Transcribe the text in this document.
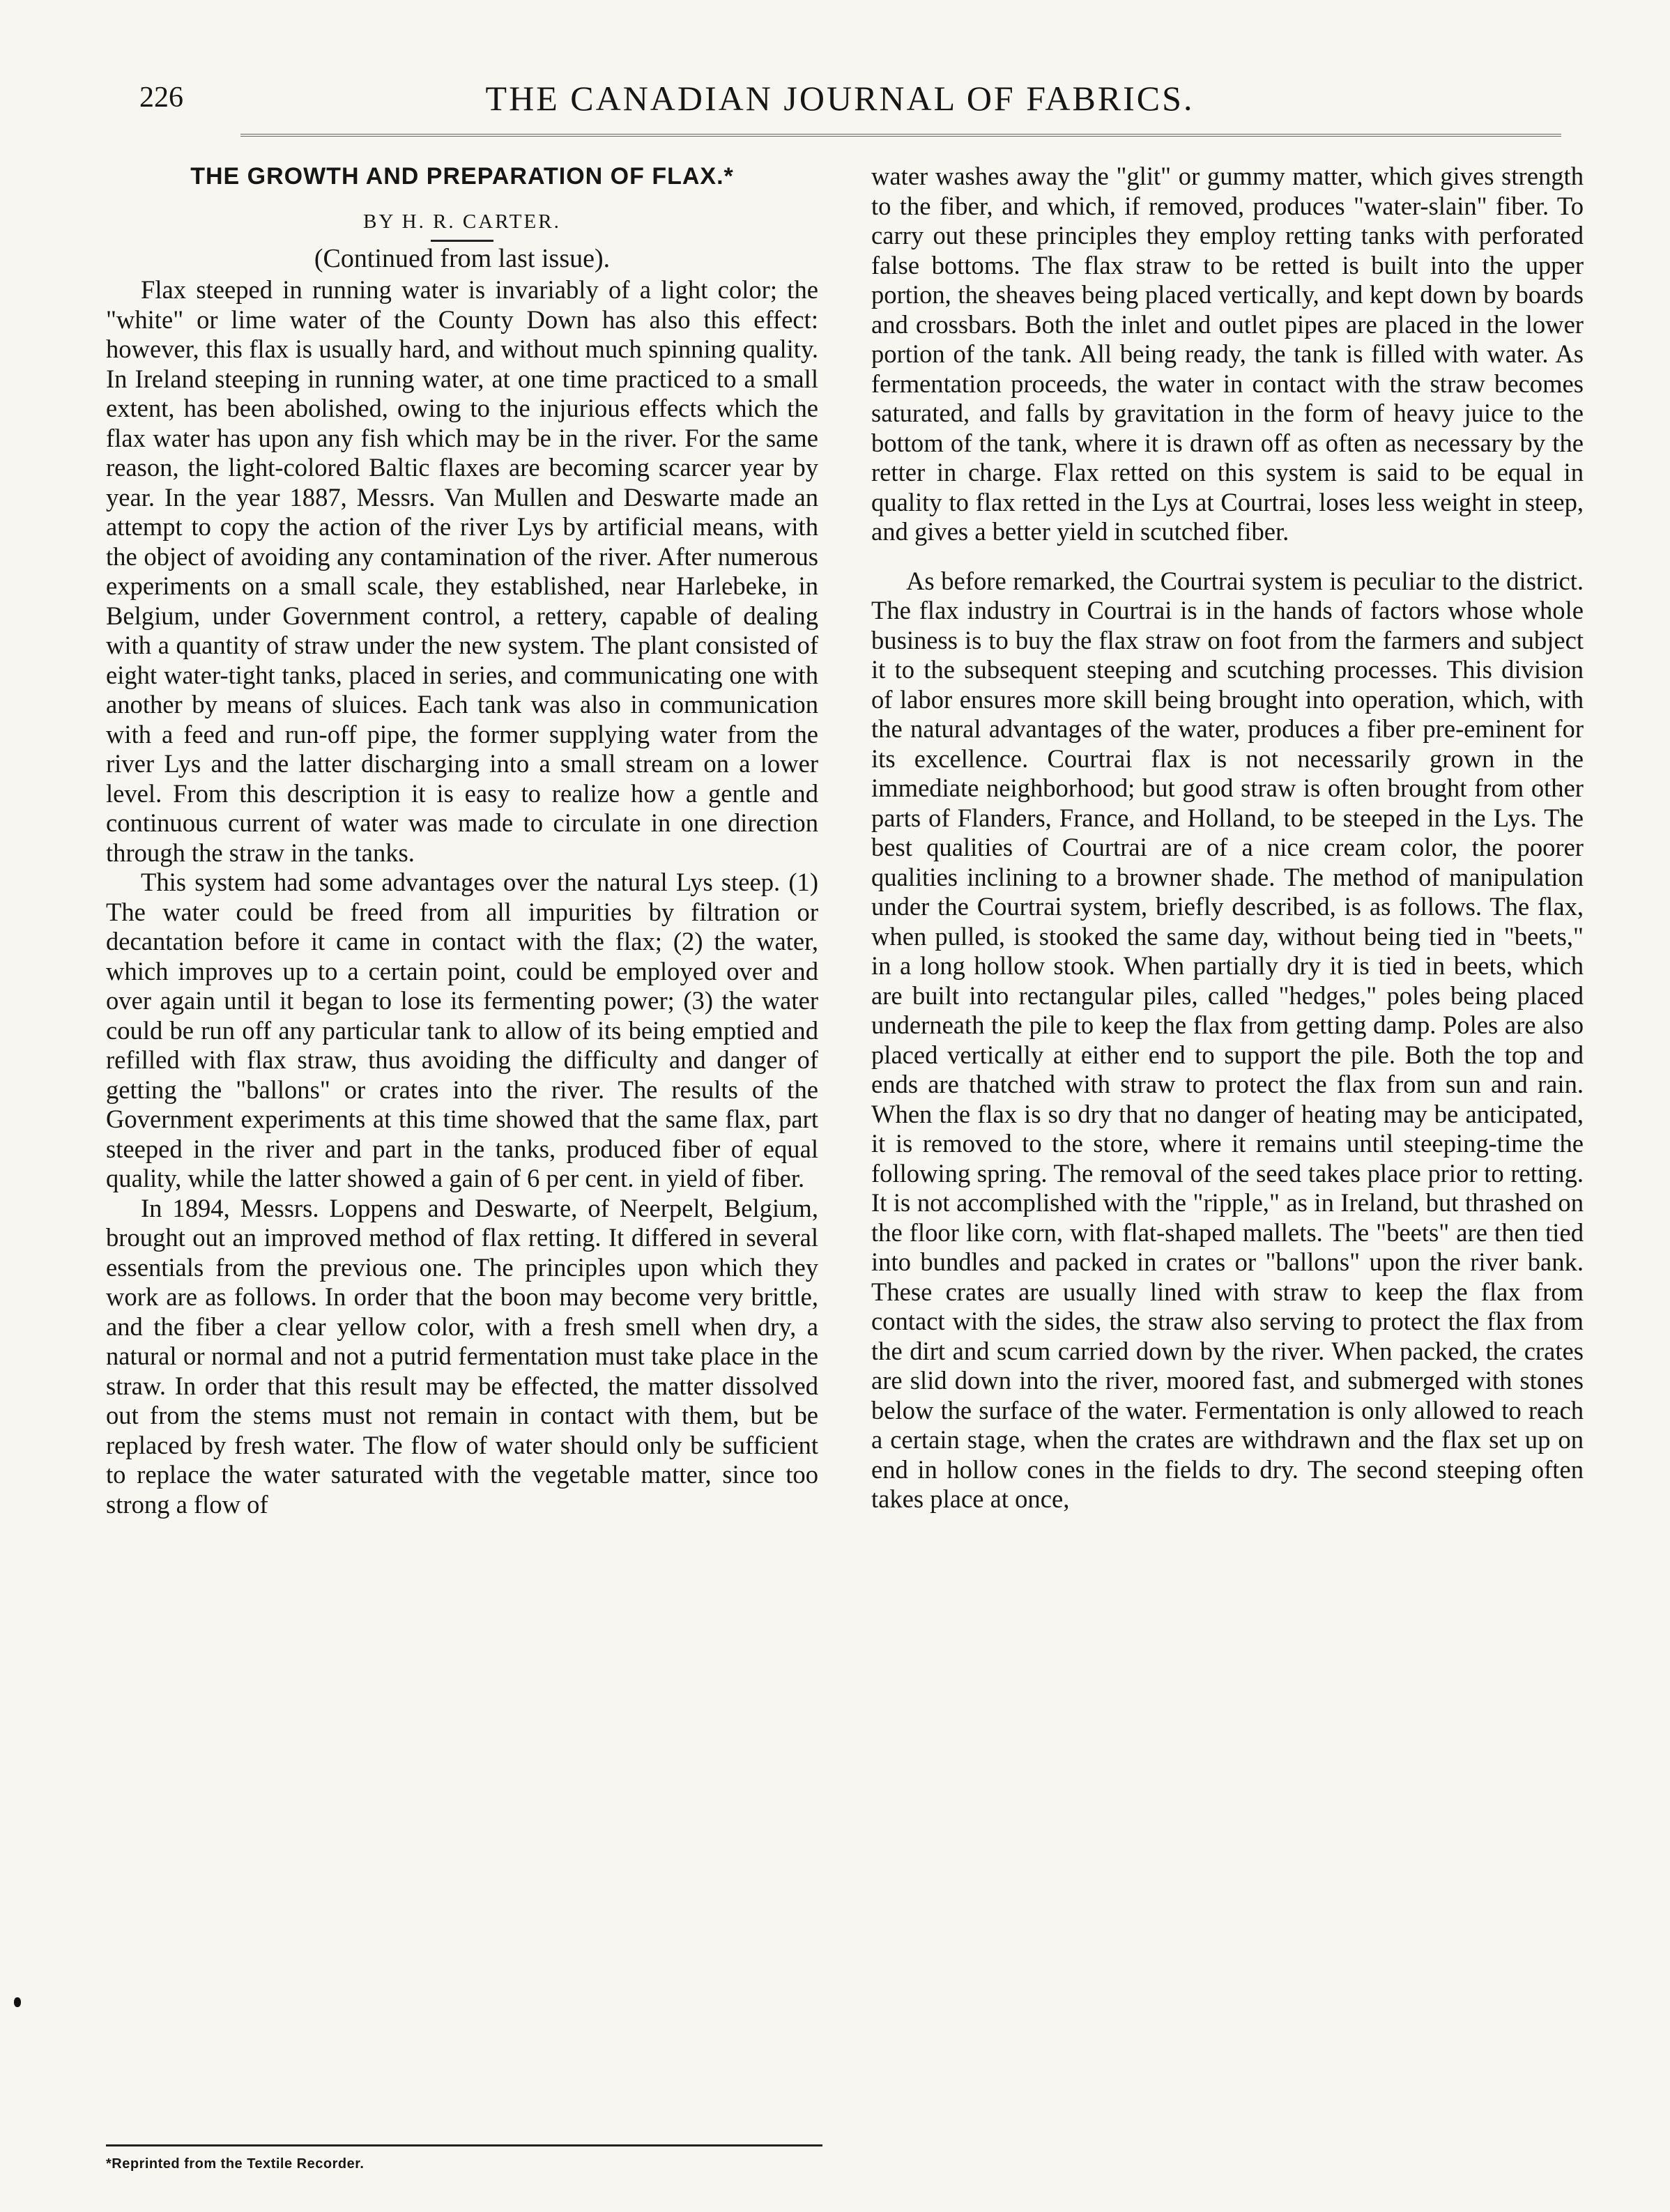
226	THE CANADIAN JOURNAL OF FABRICS.
THE GROWTH AND PREPARATION OF FLAX.*
BY H. R. CARTER.
(Continued from last issue).

Flax steeped in running water is invariably of a light color; the "white" or lime water of the County Down has also this effect: however, this flax is usually hard, and without much spinning quality. In Ireland steeping in running water, at one time practiced to a small extent, has been abolished, owing to the injurious effects which the flax water has upon any fish which may be in the river. For the same reason, the light-colored Baltic flaxes are becoming scarcer year by year. In the year 1887, Messrs. Van Mullen and Deswarte made an attempt to copy the action of the river Lys by artificial means, with the object of avoiding any contamination of the river. After numerous experiments on a small scale, they established, near Harlebeke, in Belgium, under Government control, a rettery, capable of dealing with a quantity of straw under the new system. The plant consisted of eight water-tight tanks, placed in series, and communicating one with another by means of sluices. Each tank was also in communication with a feed and run-off pipe, the former supplying water from the river Lys and the latter discharging into a small stream on a lower level. From this description it is easy to realize how a gentle and continuous current of water was made to circulate in one direction through the straw in the tanks.

This system had some advantages over the natural Lys steep. (1) The water could be freed from all impurities by filtration or decantation before it came in contact with the flax; (2) the water, which improves up to a certain point, could be employed over and over again until it began to lose its fermenting power; (3) the water could be run off any particular tank to allow of its being emptied and refilled with flax straw, thus avoiding the difficulty and danger of getting the "ballons" or crates into the river. The results of the Government experiments at this time showed that the same flax, part steeped in the river and part in the tanks, produced fiber of equal quality, while the latter showed a gain of 6 per cent. in yield of fiber.

In 1894, Messrs. Loppens and Deswarte, of Neerpelt, Belgium, brought out an improved method of flax retting. It differed in several essentials from the previous one. The principles upon which they work are as follows. In order that the boon may become very brittle, and the fiber a clear yellow color, with a fresh smell when dry, a natural or normal and not a putrid fermentation must take place in the straw. In order that this result may be effected, the matter dissolved out from the stems must not remain in contact with them, but be replaced by fresh water. The flow of water should only be sufficient to replace the water saturated with the vegetable matter, since too strong a flow of

water washes away the "glit" or gummy matter, which gives strength to the fiber, and which, if removed, produces "water-slain" fiber. To carry out these principles they employ retting tanks with perforated false bottoms. The flax straw to be retted is built into the upper portion, the sheaves being placed vertically, and kept down by boards and crossbars. Both the inlet and outlet pipes are placed in the lower portion of the tank. All being ready, the tank is filled with water. As fermentation proceeds, the water in contact with the straw becomes saturated, and falls by gravitation in the form of heavy juice to the bottom of the tank, where it is drawn off as often as necessary by the retter in charge. Flax retted on this system is said to be equal in quality to flax retted in the Lys at Courtrai, loses less weight in steep, and gives a better yield in scutched fiber.

As before remarked, the Courtrai system is peculiar to the district. The flax industry in Courtrai is in the hands of factors whose whole business is to buy the flax straw on foot from the farmers and subject it to the subsequent steeping and scutching processes. This division of labor ensures more skill being brought into operation, which, with the natural advantages of the water, produces a fiber pre-eminent for its excellence. Courtrai flax is not necessarily grown in the immediate neighborhood; but good straw is often brought from other parts of Flanders, France, and Holland, to be steeped in the Lys. The best qualities of Courtrai are of a nice cream color, the poorer qualities inclining to a browner shade. The method of manipulation under the Courtrai system, briefly described, is as follows. The flax, when pulled, is stooked the same day, without being tied in "beets," in a long hollow stook. When partially dry it is tied in beets, which are built into rectangular piles, called "hedges," poles being placed underneath the pile to keep the flax from getting damp. Poles are also placed vertically at either end to support the pile. Both the top and ends are thatched with straw to protect the flax from sun and rain. When the flax is so dry that no danger of heating may be anticipated, it is removed to the store, where it remains until steeping-time the following spring. The removal of the seed takes place prior to retting. It is not accomplished with the "ripple," as in Ireland, but thrashed on the floor like corn, with flat-shaped mallets. The "beets" are then tied into bundles and packed in crates or "ballons" upon the river bank. These crates are usually lined with straw to keep the flax from contact with the sides, the straw also serving to protect the flax from the dirt and scum carried down by the river. When packed, the crates are slid down into the river, moored fast, and submerged with stones below the surface of the water. Fermentation is only allowed to reach a certain stage, when the crates are withdrawn and the flax set up on end in hollow cones in the fields to dry. The second steeping often takes place at once,

*Reprinted from the Textile Recorder.
